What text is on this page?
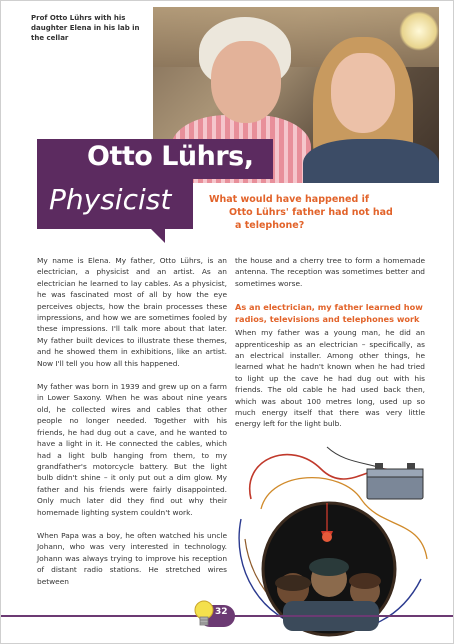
Prof Otto Lührs with his daughter Elena in his lab in the cellar
Otto Lührs,
Physicist	What would have happened if
Otto Lührs' father had not had
a telephone?

My name is Elena. My father, Otto Lührs, is an electrician, a physicist and an artist. As an electrician he learned to lay cables. As a physicist, he was fascinated most of all by how the eye perceives objects, how the brain processes these impressions, and how we are sometimes fooled by these impressions. I'll talk more about that later. My father built devices to illustrate these themes, and he showed them in exhibitions, like an artist. Now I'll tell you how all this happened.

My father was born in 1939 and grew up on a farm in Lower Saxony. When he was about nine years old, he collected wires and cables that other people no longer needed. Together with his friends, he had dug out a cave, and he wanted to have a light in it. He connected the cables, which had a light bulb hanging from them, to my grandfather's motorcycle battery. But the light bulb didn't shine – it only put out a dim glow. My father and his friends were fairly disappointed. Only much later did they find out why their homemade lighting system couldn't work.

When Papa was a boy, he often watched his uncle Johann, who was very interested in technology. Johann was always trying to improve his reception of distant radio stations. He stretched wires between

the house and a cherry tree to form a homemade antenna. The reception was sometimes better and sometimes worse.

As an electrician, my father learned how radios, televisions and telephones work

When my father was a young man, he did an apprenticeship as an electrician – specifically, as an electrical installer. Among other things, he learned what he hadn't known when he had tried to light up the cave he had dug out with his friends. The old cable he had used back then, which was about 100 metres long, used up so much energy itself that there was very little energy left for the light bulb.

32
